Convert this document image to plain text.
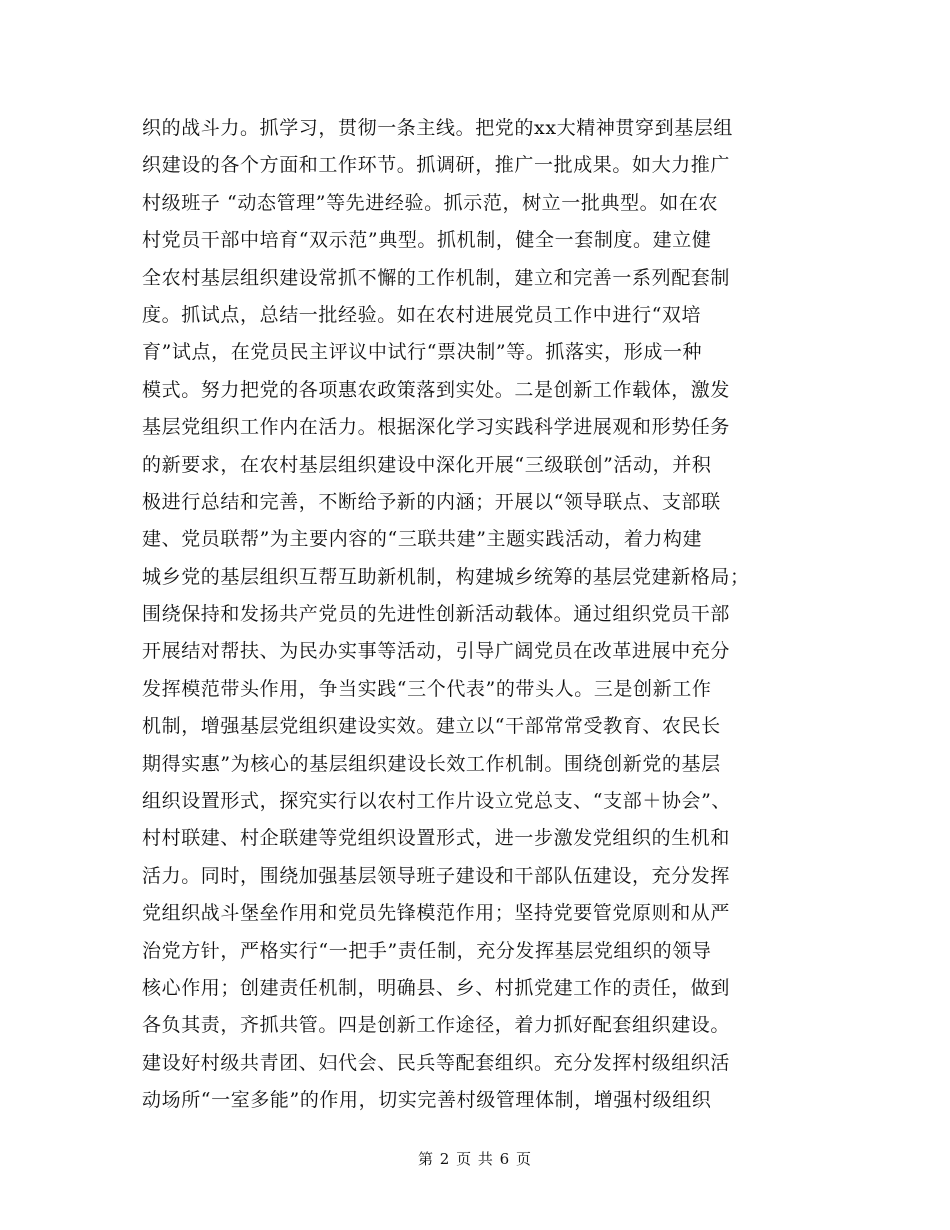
织的战斗力。抓学习，贯彻一条主线。把党的xx大精神贯穿到基层组
织建设的各个方面和工作环节。抓调研，推广一批成果。如大力推广
村级班子 “动态管理”等先进经验。抓示范，树立一批典型。如在农
村党员干部中培育“双示范”典型。抓机制，健全一套制度。建立健
全农村基层组织建设常抓不懈的工作机制，建立和完善一系列配套制
度。抓试点，总结一批经验。如在农村进展党员工作中进行“双培
育”试点，在党员民主评议中试行“票决制”等。抓落实，形成一种
模式。努力把党的各项惠农政策落到实处。二是创新工作载体，激发
基层党组织工作内在活力。根据深化学习实践科学进展观和形势任务
的新要求，在农村基层组织建设中深化开展“三级联创”活动，并积
极进行总结和完善，不断给予新的内涵；开展以“领导联点、支部联
建、党员联帮”为主要内容的“三联共建”主题实践活动，着力构建
城乡党的基层组织互帮互助新机制，构建城乡统筹的基层党建新格局；
围绕保持和发扬共产党员的先进性创新活动载体。通过组织党员干部
开展结对帮扶、为民办实事等活动，引导广阔党员在改革进展中充分
发挥模范带头作用，争当实践“三个代表”的带头人。三是创新工作
机制，增强基层党组织建设实效。建立以“干部常常受教育、农民长
期得实惠”为核心的基层组织建设长效工作机制。围绕创新党的基层
组织设置形式，探究实行以农村工作片设立党总支、“支部＋协会”、
村村联建、村企联建等党组织设置形式，进一步激发党组织的生机和
活力。同时，围绕加强基层领导班子建设和干部队伍建设，充分发挥
党组织战斗堡垒作用和党员先锋模范作用；坚持党要管党原则和从严
治党方针，严格实行“一把手”责任制，充分发挥基层党组织的领导
核心作用；创建责任机制，明确县、乡、村抓党建工作的责任，做到
各负其责，齐抓共管。四是创新工作途径，着力抓好配套组织建设。
建设好村级共青团、妇代会、民兵等配套组织。充分发挥村级组织活
动场所“一室多能”的作用，切实完善村级管理体制，增强村级组织
第 2 页 共 6 页
